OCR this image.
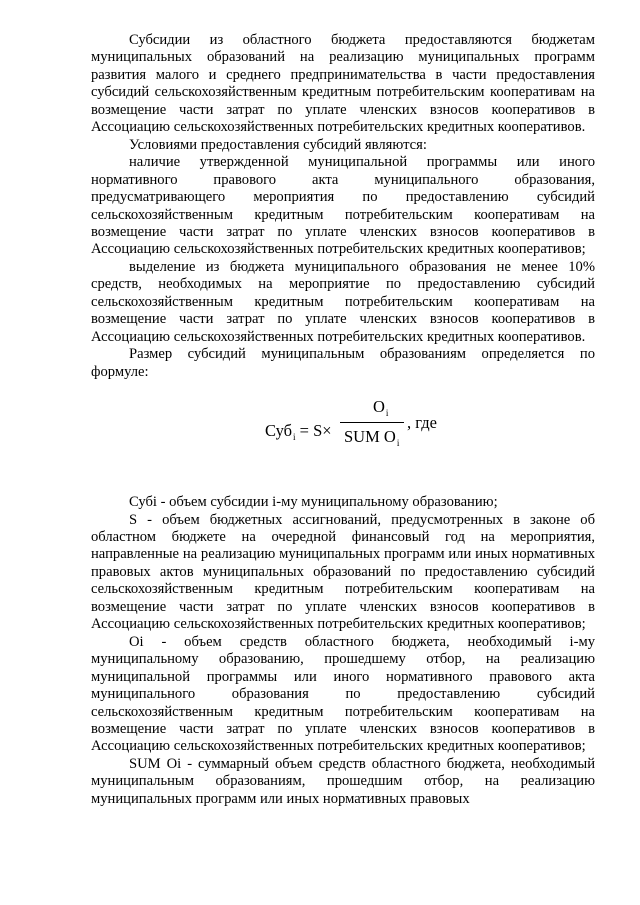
Субсидии из областного бюджета предоставляются бюджетам муниципальных образований на реализацию муниципальных программ развития малого и среднего предпринимательства в части предоставления субсидий сельскохозяйственным кредитным потребительским кооперативам на возмещение части затрат по уплате членских взносов кооперативов в Ассоциацию сельскохозяйственных потребительских кредитных кооперативов.

Условиями предоставления субсидий являются:

наличие утвержденной муниципальной программы или иного нормативного правового акта муниципального образования, предусматривающего мероприятия по предоставлению субсидий сельскохозяйственным кредитным потребительским кооперативам на возмещение части затрат по уплате членских взносов кооперативов в Ассоциацию сельскохозяйственных потребительских кредитных кооперативов;

выделение из бюджета муниципального образования не менее 10% средств, необходимых на мероприятие по предоставлению субсидий сельскохозяйственным кредитным потребительским кооперативам на возмещение части затрат по уплате членских взносов кооперативов в Ассоциацию сельскохозяйственных потребительских кредитных кооперативов.

Размер субсидий муниципальным образованиям определяется по формуле:

Суб$_i$ = S×
$O_i$
SUM $O_i$
, где

Субi - объем субсидии i-му муниципальному образованию;

S - объем бюджетных ассигнований, предусмотренных в законе об областном бюджете на очередной финансовый год на мероприятия, направленные на реализацию муниципальных программ или иных нормативных правовых актов муниципальных образований по предоставлению субсидий сельскохозяйственным кредитным потребительским кооперативам на возмещение части затрат по уплате членских взносов кооперативов в Ассоциацию сельскохозяйственных потребительских кредитных кооперативов;

Oi - объем средств областного бюджета, необходимый i-му муниципальному образованию, прошедшему отбор, на реализацию муниципальной программы или иного нормативного правового акта муниципального образования по предоставлению субсидий сельскохозяйственным кредитным потребительским кооперативам на возмещение части затрат по уплате членских взносов кооперативов в Ассоциацию сельскохозяйственных потребительских кредитных кооперативов;

SUM Oi - суммарный объем средств областного бюджета, необходимый муниципальным образованиям, прошедшим отбор, на реализацию муниципальных программ или иных нормативных правовых
